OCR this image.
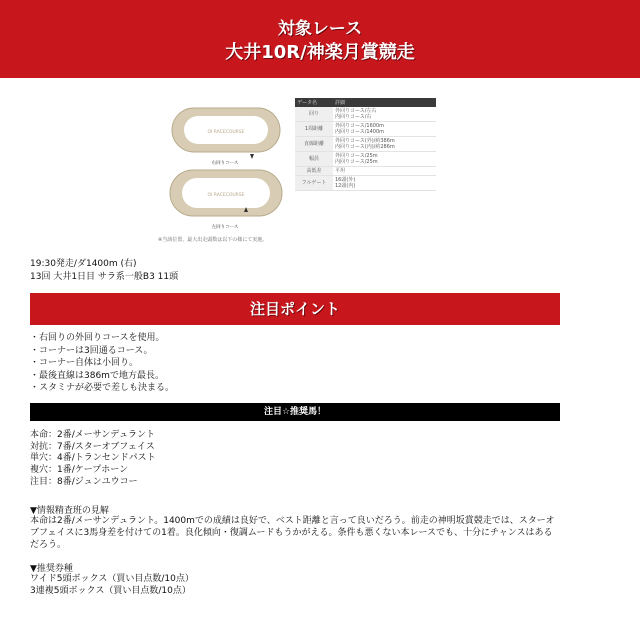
対象レース
大井10R/神楽月賞競走
OI RACECOURSE
右回りコース
OI RACECOURSE
左回りコース
データ名	詳細
回り	外回りコース/左右
内回りコース/右

1周距離	外回りコース/1600m
内回りコース/1400m

直線距離	外回りコース(外)/約386m
内回りコース(内)/約286m

幅員	外回りコース/25m
内回りコース/25m

高低差	平坦

フルゲート	16頭(外)
12頭(内)
※当該位置、最大出走頭数は以下の様にて実施。
19:30発走/ダ1400m (右)
13回 大井1日目 サラ系一般B3 11頭
注目ポイント
・右回りの外回りコースを使用。
・コーナーは3回通るコース。
・コーナー自体は小回り。
・最後直線は386mで地方最長。
・スタミナが必要で差しも決まる。
注目☆推奨馬！
本命：2番/メーサンデュラント
対抗：7番/スターオブフェイス
単穴：4番/トランセンドパスト
複穴：1番/ケープホーン
注目：8番/ジュンユウコー
▼情報精査班の見解
本命は2番/メーサンデュラント。1400mでの成績は良好で、ベスト距離と言って良いだろう。前走の神明坂賞競走では、スターオブフェイスに3馬身差を付けての1着。良化傾向・復調ムードもうかがえる。条件も悪くない本レースでも、十分にチャンスはあるだろう。
▼推奨券種
ワイド5頭ボックス（買い目点数/10点）
3連複5頭ボックス（買い目点数/10点）
